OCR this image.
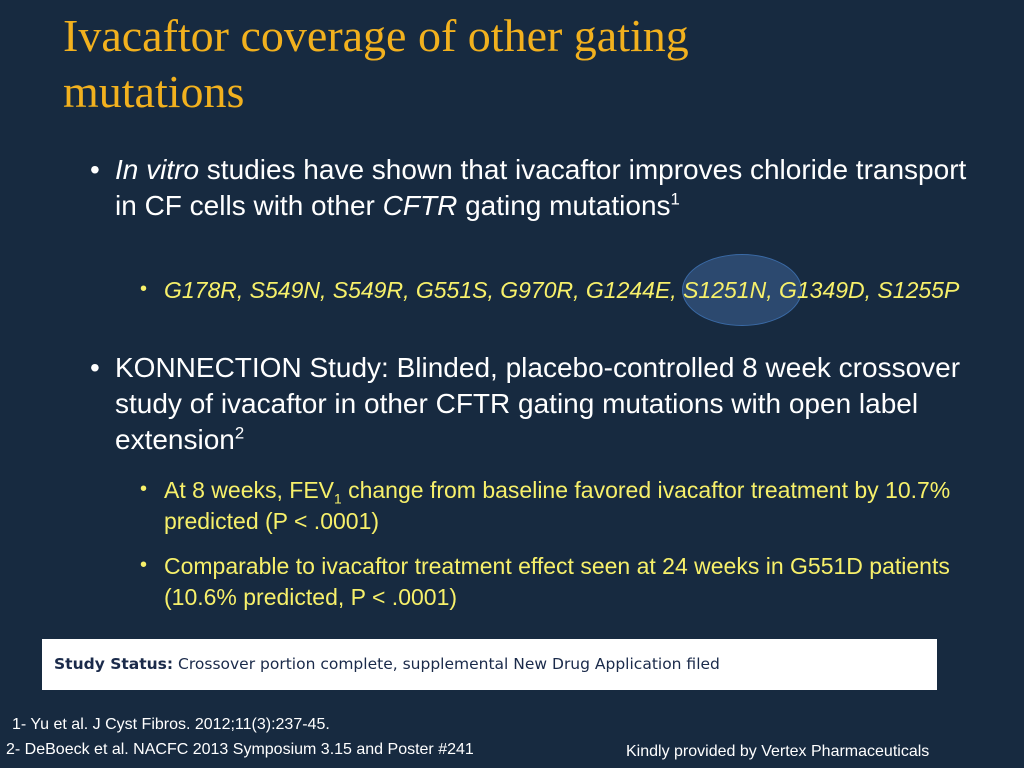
Ivacaftor coverage of other gating
mutations
• In vitro studies have shown that ivacaftor improves chloride transport in CF cells with other CFTR gating mutations$^1$
• G178R, S549N, S549R, G551S, G970R, G1244E, S1251N, G1349D, S1255P
• KONNECTION Study: Blinded, placebo-controlled 8 week crossover study of ivacaftor in other CFTR gating mutations with open label extension$^2$
• At 8 weeks, $FEV_1$ change from baseline favored ivacaftor treatment by 10.7% predicted (P < .0001)
• Comparable to ivacaftor treatment effect seen at 24 weeks in G551D patients (10.6% predicted, P < .0001)
Study Status: Crossover portion complete, supplemental New Drug Application filed
1- Yu et al. J Cyst Fibros. 2012;11(3):237-45.
2- DeBoeck et al. NACFC 2013 Symposium 3.15 and Poster #241	Kindly provided by Vertex Pharmaceuticals
